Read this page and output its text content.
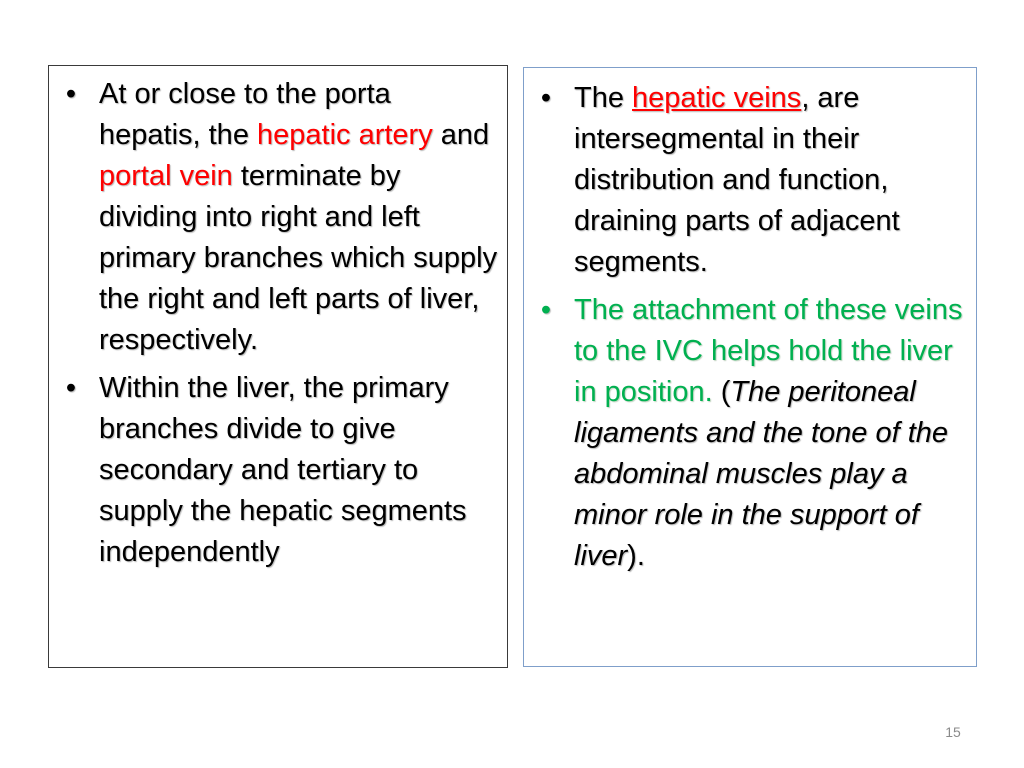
• At or close to the porta hepatis, the hepatic artery and portal vein terminate by dividing into right and left primary branches which supply the right and left parts of liver, respectively.
• Within the liver, the primary branches divide to give secondary and tertiary to supply the hepatic segments independently
• The hepatic veins, are intersegmental in their distribution and function, draining parts of adjacent segments.
• The attachment of these veins to the IVC helps hold the liver in position. (The peritoneal ligaments and the tone of the abdominal muscles play a minor role in the support of liver).
15
